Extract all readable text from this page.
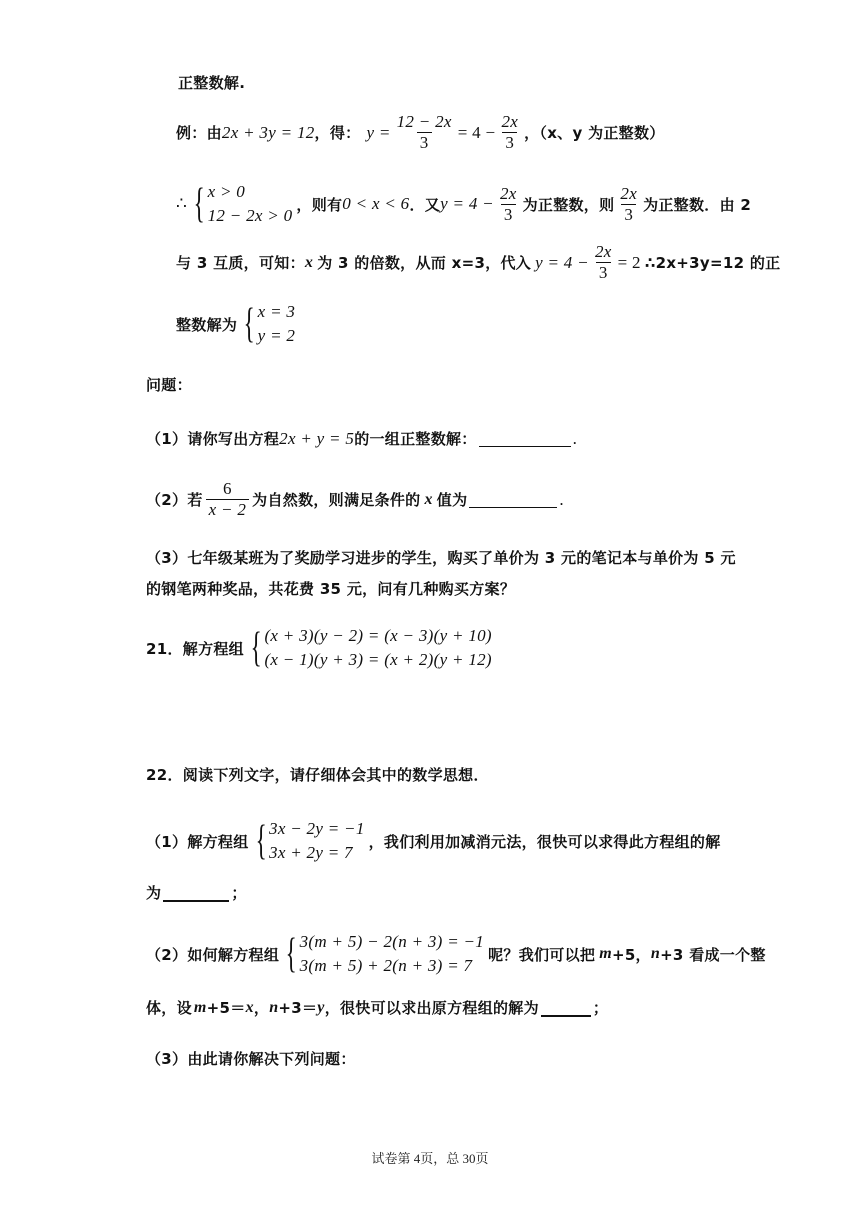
正整数解.
例：由 2x + 3y = 12 ，得： $y = \frac{12 - 2x}{3} = 4 - \frac{2x}{3}$ ，（x、y 为正整数）
∴ { x > 0
12 − 2x > 0
，则有 0 < x < 6 ．又 $y = 4 - \frac{2x}{3}$ 为正整数，则 $\frac{2x}{3}$ 为正整数．由 2
与 3 互质，可知： x 为 3 的倍数，从而 x=3，代入 $y = 4 - \frac{2x}{3} = 2$ ∴2x+3y=12 的正
整数解为 { x = 3
y = 2
问题：
（1）请你写出方程 2x + y = 5 的一组正整数解：	.
（2）若 $\frac{6}{x - 2}$ 为自然数，则满足条件的 x 值为	.
（3）七年级某班为了奖励学习进步的学生，购买了单价为 3 元的笔记本与单价为 5 元
的钢笔两种奖品，共花费 35 元，问有几种购买方案？
21．解方程组 { (x + 3)(y − 2) = (x − 3)(y + 10)
(x − 1)(y + 3) = (x + 2)(y + 12)
22．阅读下列文字，请仔细体会其中的数学思想．
（1）解方程组 { 3x − 2y = −1
3x + 2y = 7
，我们利用加减消元法，很快可以求得此方程组的解
为	；
（2）如何解方程组 { 3(m + 5) − 2(n + 3) = −1
3(m + 5) + 2(n + 3) = 7
呢？我们可以把 m +5， n +3 看成一个整
体，设 m +5＝ x ， n +3＝ y ，很快可以求出原方程组的解为	；
（3）由此请你解决下列问题：
试卷第 4页，总 30页
